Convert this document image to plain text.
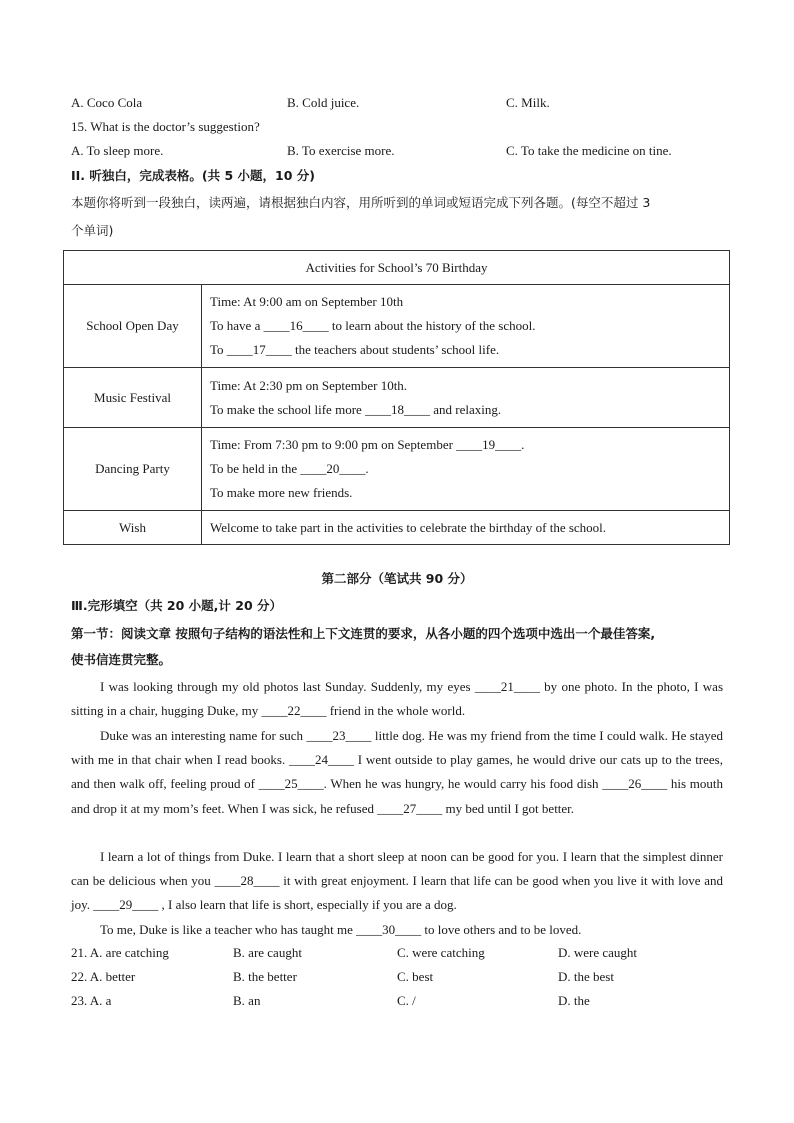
A. Coco Cola	B. Cold juice.	C. Milk.
15. What is the doctor’s suggestion?
A. To sleep more.	B. To exercise more.	C. To take the medicine on tine.
II. 听独白，完成表格。(共 5 小题，10 分)
本题你将听到一段独白，读两遍，请根据独白内容，用所听到的单词或短语完成下列各题。(每空不超过 3
个单词)
Activities for School’s 70 Birthday	
School Open Day	Time: At 9:00 am on September 10th
To have a ____16____ to learn about the history of the school.
To ____17____ the teachers about students’ school life.

Music Festival	Time: At 2:30 pm on September 10th.
To make the school life more ____18____ and relaxing.

Dancing Party	Time: From 7:30 pm to 9:00 pm on September ____19____.
To be held in the ____20____.
To make more new friends.

Wish	Welcome to take part in the activities to celebrate the birthday of the school.
第二部分（笔试共 90 分）
Ⅲ.完形填空（共 20 小题,计 20 分）
第一节：阅读文章 按照句子结构的语法性和上下文连贯的要求，从各小题的四个选项中选出一个最佳答案,
使书信连贯完整。
I was looking through my old photos last Sunday. Suddenly, my eyes ____21____ by one photo. In the photo, I was sitting in a chair, hugging Duke, my ____22____ friend in the whole world.
Duke was an interesting name for such ____23____ little dog. He was my friend from the time I could walk. He stayed with me in that chair when I read books. ____24____ I went outside to play games, he would drive our cats up to the trees, and then walk off, feeling proud of ____25____. When he was hungry, he would carry his food dish ____26____ his mouth and drop it at my mom’s feet. When I was sick, he refused ____27____ my bed until I got better.
I learn a lot of things from Duke. I learn that a short sleep at noon can be good for you. I learn that the simplest dinner can be delicious when you ____28____ it with great enjoyment. I learn that life can be good when you live it with love and joy. ____29____ , I also learn that life is short, especially if you are a dog.
To me, Duke is like a teacher who has taught me ____30____ to love others and to be loved.
21. A. are catching	B. are caught	C. were catching	D. were caught
22. A. better	B. the better	C. best	D. the best
23. A. a	B. an	C. /	D. the
